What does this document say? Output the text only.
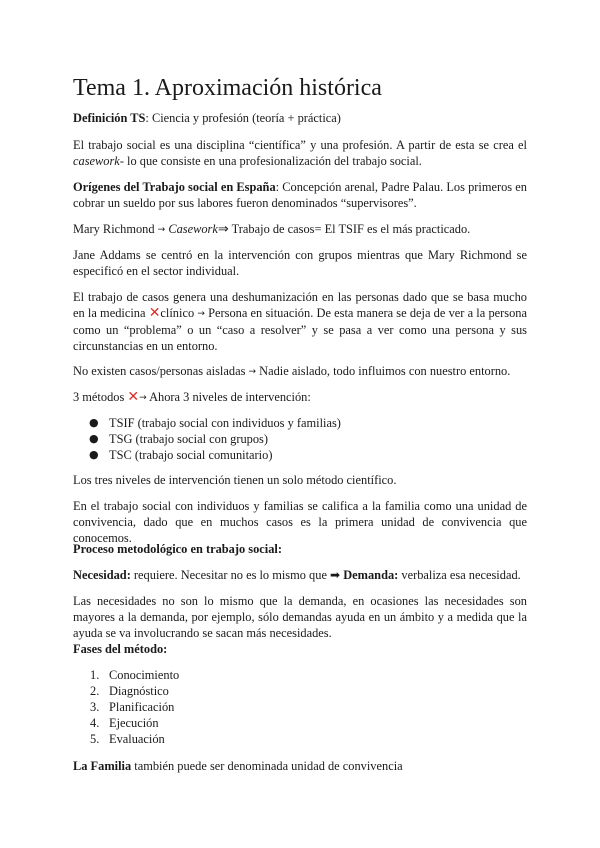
Tema 1. Aproximación histórica

Definición TS: Ciencia y profesión (teoría + práctica)

El trabajo social es una disciplina “científica” y una profesión. A partir de esta se crea el casework- lo que consiste en una profesionalización del trabajo social.

Orígenes del Trabajo social en España: Concepción arenal, Padre Palau. Los primeros en cobrar un sueldo por sus labores fueron denominados “supervisores”.

Mary Richmond → Casework⇒ Trabajo de casos= El TSIF es el más practicado.

Jane Addams se centró en la intervención con grupos mientras que Mary Richmond se especificó en el sector individual.

El trabajo de casos genera una deshumanización en las personas dado que se basa mucho en la medicina ✕clínico → Persona en situación. De esta manera se deja de ver a la persona como un “problema” o un “caso a resolver” y se pasa a ver como una persona y sus circunstancias en un entorno.

No existen casos/personas aisladas → Nadie aislado, todo influimos con nuestro entorno.

3 métodos ✕→ Ahora 3 niveles de intervención:

● TSIF (trabajo social con individuos y familias)
● TSG (trabajo social con grupos)
● TSC (trabajo social comunitario)

Los tres niveles de intervención tienen un solo método científico.

En el trabajo social con individuos y familias se califica a la familia como una unidad de convivencia, dado que en muchos casos es la primera unidad de convivencia que conocemos.

Proceso metodológico en trabajo social:

Necesidad: requiere. Necesitar no es lo mismo que ➡ Demanda: verbaliza esa necesidad.

Las necesidades no son lo mismo que la demanda, en ocasiones las necesidades son mayores a la demanda, por ejemplo, sólo demandas ayuda en un ámbito y a medida que la ayuda se va involucrando se sacan más necesidades.

Fases del método:

1. Conocimiento
2. Diagnóstico
3. Planificación
4. Ejecución
5. Evaluación

La Familia también puede ser denominada unidad de convivencia
